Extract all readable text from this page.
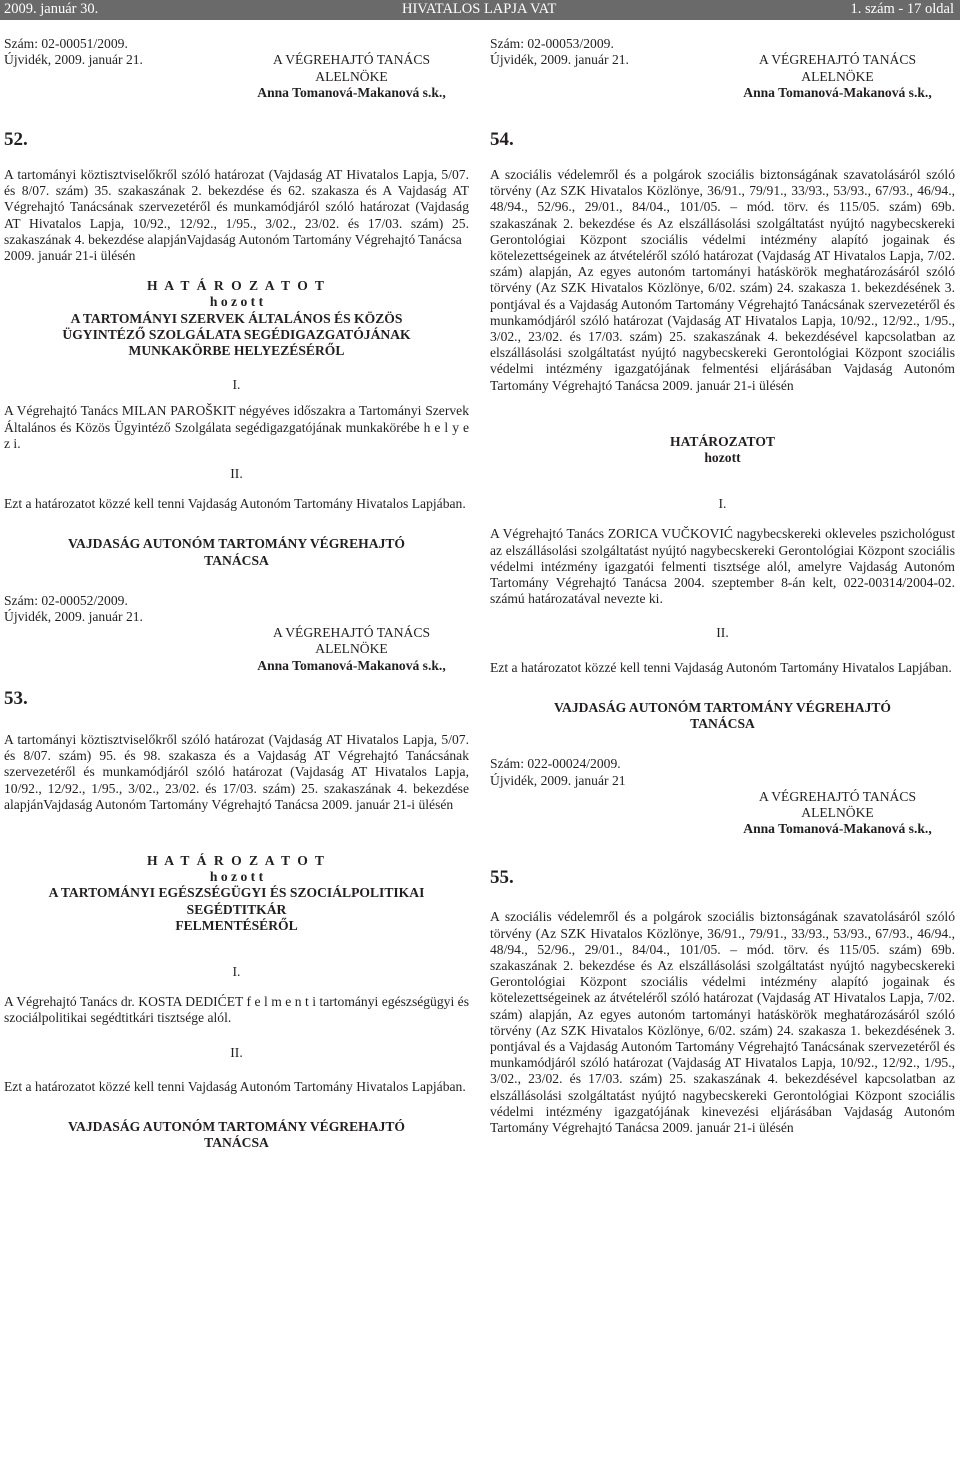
2009. január 30.	HIVATALOS LAPJA VAT	1. szám - 17 oldal

Szám: 02-00051/2009.

Újvidék, 2009. január 21.	A VÉGREHAJTÓ TANÁCS

ALELNÖKE

Anna Tomanová-Makanová s.k.,

52.

A tartományi köztisztviselőkről szóló határozat (Vajdaság AT Hivatalos Lapja, 5/07. és 8/07. szám) 35. szakaszának 2. bekezdése és 62. szakasza és A Vajdaság AT Végrehajtó Tanácsának szervezetéről és munkamódjáról szóló határozat (Vajdaság AT Hivatalos Lapja, 10/92., 12/92., 1/95., 3/02., 23/02. és 17/03. szám) 25. szakaszának 4. bekezdése alapjánVajdaság Autonóm Tartomány Végrehajtó Tanácsa

2009. január 21-i ülésén

H A T Á R O Z A T O T

h o z o t t

A TARTOMÁNYI SZERVEK ÁLTALÁNOS ÉS KÖZÖS

ÜGYINTÉZŐ SZOLGÁLATA SEGÉDIGAZGATÓJÁNAK

MUNKAKÖRBE HELYEZÉSÉRŐL

I.

A Végrehajtó Tanács MILAN PAROŠKIT négyéves időszakra a Tartományi Szervek Általános és Közös Ügyintéző Szolgálata segédigazgatójának munkakörébe h e l y e z i.

II.

Ezt a határozatot közzé kell tenni Vajdaság Autonóm Tartomány Hivatalos Lapjában.

VAJDASÁG AUTONÓM TARTOMÁNY VÉGREHAJTÓ

TANÁCSA

Szám: 02-00052/2009.

Újvidék, 2009. január 21.

A VÉGREHAJTÓ TANÁCS

ALELNÖKE

Anna Tomanová-Makanová s.k.,

53.

A tartományi köztisztviselőkről szóló határozat (Vajdaság AT Hivatalos Lapja, 5/07. és 8/07. szám) 95. és 98. szakasza és a Vajdaság AT Végrehajtó Tanácsának szervezetéről és munkamódjáról szóló határozat (Vajdaság AT Hivatalos Lapja, 10/92., 12/92., 1/95., 3/02., 23/02. és 17/03. szám) 25. szakaszának 4. bekezdése alapjánVajdaság Autonóm Tartomány Végrehajtó Tanácsa 2009. január 21-i ülésén

H A T Á R O Z A T O T

h o z o t t

A TARTOMÁNYI EGÉSZSÉGÜGYI ÉS SZOCIÁLPOLITIKAI

SEGÉDTITKÁR

FELMENTÉSÉRŐL

I.

A Végrehajtó Tanács dr. KOSTA DEDIĆET f e l m e n t i tartományi egészségügyi és szociálpolitikai segédtitkári tisztsége alól.

II.

Ezt a határozatot közzé kell tenni Vajdaság Autonóm Tartomány Hivatalos Lapjában.

VAJDASÁG AUTONÓM TARTOMÁNY VÉGREHAJTÓ

TANÁCSA

Szám: 02-00053/2009.

Újvidék, 2009. január 21.	A VÉGREHAJTÓ TANÁCS

ALELNÖKE

Anna Tomanová-Makanová s.k.,

54.

A szociális védelemről és a polgárok szociális biztonságának szavatolásáról szóló törvény (Az SZK Hivatalos Közlönye, 36/91., 79/91., 33/93., 53/93., 67/93., 46/94., 48/94., 52/96., 29/01., 84/04., 101/05. – mód. törv. és 115/05. szám) 69b. szakaszának 2. bekezdése és Az elszállásolási szolgáltatást nyújtó nagybecskereki Gerontológiai Központ szociális védelmi intézmény alapító jogainak és kötelezettségeinek az átvételéről szóló határozat (Vajdaság AT Hivatalos Lapja, 7/02. szám) alapján, Az egyes autonóm tartományi hatáskörök meghatározásáról szóló törvény (Az SZK Hivatalos Közlönye, 6/02. szám) 24. szakasza 1. bekezdésének 3. pontjával és a Vajdaság Autonóm Tartomány Végrehajtó Tanácsának szervezetéről és munkamódjáról szóló határozat (Vajdaság AT Hivatalos Lapja, 10/92., 12/92., 1/95., 3/02., 23/02. és 17/03. szám) 25. szakaszának 4. bekezdésével kapcsolatban az elszállásolási szolgáltatást nyújtó nagybecskereki Gerontológiai Központ szociális védelmi intézmény igazgatójának felmentési eljárásában Vajdaság Autonóm Tartomány Végrehajtó Tanácsa 2009. január 21-i ülésén

HATÁROZATOT

hozott

I.

A Végrehajtó Tanács ZORICA VUČKOVIĆ nagybecskereki okleveles pszichológust az elszállásolási szolgáltatást nyújtó nagybecskereki Gerontológiai Központ szociális védelmi intézmény igazgatói felmenti tisztsége alól, amelyre Vajdaság Autonóm Tartomány Végrehajtó Tanácsa 2004. szeptember 8-án kelt, 022-00314/2004-02. számú határozatával nevezte ki.

II.

Ezt a határozatot közzé kell tenni Vajdaság Autonóm Tartomány Hivatalos Lapjában.

VAJDASÁG AUTONÓM TARTOMÁNY VÉGREHAJTÓ

TANÁCSA

Szám: 022-00024/2009.

Újvidék, 2009. január 21

A VÉGREHAJTÓ TANÁCS

ALELNÖKE

Anna Tomanová-Makanová s.k.,

55.

A szociális védelemről és a polgárok szociális biztonságának szavatolásáról szóló törvény (Az SZK Hivatalos Közlönye, 36/91., 79/91., 33/93., 53/93., 67/93., 46/94., 48/94., 52/96., 29/01., 84/04., 101/05. – mód. törv. és 115/05. szám) 69b. szakaszának 2. bekezdése és Az elszállásolási szolgáltatást nyújtó nagybecskereki Gerontológiai Központ szociális védelmi intézmény alapító jogainak és kötelezettségeinek az átvételéről szóló határozat (Vajdaság AT Hivatalos Lapja, 7/02. szám) alapján, Az egyes autonóm tartományi hatáskörök meghatározásáról szóló törvény (Az SZK Hivatalos Közlönye, 6/02. szám) 24. szakasza 1. bekezdésének 3. pontjával és a Vajdaság Autonóm Tartomány Végrehajtó Tanácsának szervezetéről és munkamódjáról szóló határozat (Vajdaság AT Hivatalos Lapja, 10/92., 12/92., 1/95., 3/02., 23/02. és 17/03. szám) 25. szakaszának 4. bekezdésével kapcsolatban az elszállásolási szolgáltatást nyújtó nagybecskereki Gerontológiai Központ szociális védelmi intézmény igazgatójának kinevezési eljárásában Vajdaság Autonóm Tartomány Végrehajtó Tanácsa 2009. január 21-i ülésén
